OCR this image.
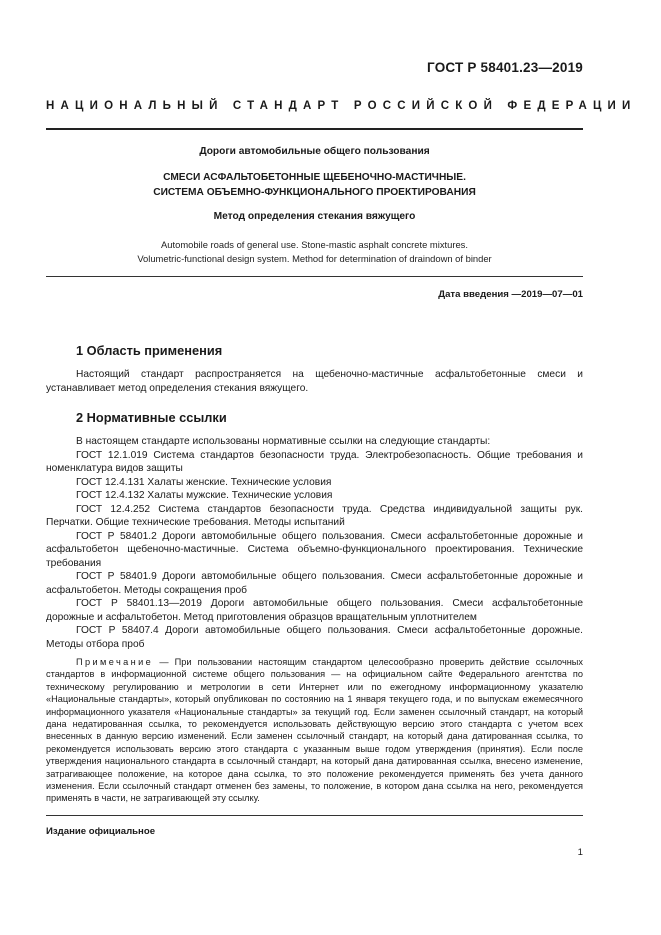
ГОСТ Р 58401.23—2019
НАЦИОНАЛЬНЫЙ СТАНДАРТ РОССИЙСКОЙ ФЕДЕРАЦИИ
Дороги автомобильные общего пользования
СМЕСИ АСФАЛЬТОБЕТОННЫЕ ЩЕБЕНОЧНО-МАСТИЧНЫЕ.
СИСТЕМА ОБЪЕМНО-ФУНКЦИОНАЛЬНОГО ПРОЕКТИРОВАНИЯ
Метод определения стекания вяжущего
Automobile roads of general use. Stone-mastic asphalt concrete mixtures.
Volumetric-functional design system. Method for determination of draindown of binder
Дата введения —2019—07—01
1 Область применения

Настоящий стандарт распространяется на щебеночно-мастичные асфальтобетонные смеси и устанавливает метод определения стекания вяжущего.

2 Нормативные ссылки

В настоящем стандарте использованы нормативные ссылки на следующие стандарты:

ГОСТ 12.1.019 Система стандартов безопасности труда. Электробезопасность. Общие требования и номенклатура видов защиты

ГОСТ 12.4.131 Халаты женские. Технические условия

ГОСТ 12.4.132 Халаты мужские. Технические условия

ГОСТ 12.4.252 Система стандартов безопасности труда. Средства индивидуальной защиты рук. Перчатки. Общие технические требования. Методы испытаний

ГОСТ Р 58401.2 Дороги автомобильные общего пользования. Смеси асфальтобетонные дорожные и асфальтобетон щебеночно-мастичные. Система объемно-функционального проектирования. Технические требования

ГОСТ Р 58401.9 Дороги автомобильные общего пользования. Смеси асфальтобетонные дорожные и асфальтобетон. Методы сокращения проб

ГОСТ Р 58401.13—2019 Дороги автомобильные общего пользования. Смеси асфальтобетонные дорожные и асфальтобетон. Метод приготовления образцов вращательным уплотнителем

ГОСТ Р 58407.4 Дороги автомобильные общего пользования. Смеси асфальтобетонные дорожные. Методы отбора проб

Примечание — При пользовании настоящим стандартом целесообразно проверить действие ссылочных стандартов в информационной системе общего пользования — на официальном сайте Федерального агентства по техническому регулированию и метрологии в сети Интернет или по ежегодному информационному указателю «Национальные стандарты», который опубликован по состоянию на 1 января текущего года, и по выпускам ежемесячного информационного указателя «Национальные стандарты» за текущий год. Если заменен ссылочный стандарт, на который дана недатированная ссылка, то рекомендуется использовать действующую версию этого стандарта с учетом всех внесенных в данную версию изменений. Если заменен ссылочный стандарт, на который дана датированная ссылка, то рекомендуется использовать версию этого стандарта с указанным выше годом утверждения (принятия). Если после утверждения национального стандарта в ссылочный стандарт, на который дана датированная ссылка, внесено изменение, затрагивающее положение, на которое дана ссылка, то это положение рекомендуется применять без учета данного изменения. Если ссылочный стандарт отменен без замены, то положение, в котором дана ссылка на него, рекомендуется применять в части, не затрагивающей эту ссылку.
Издание официальное
1
